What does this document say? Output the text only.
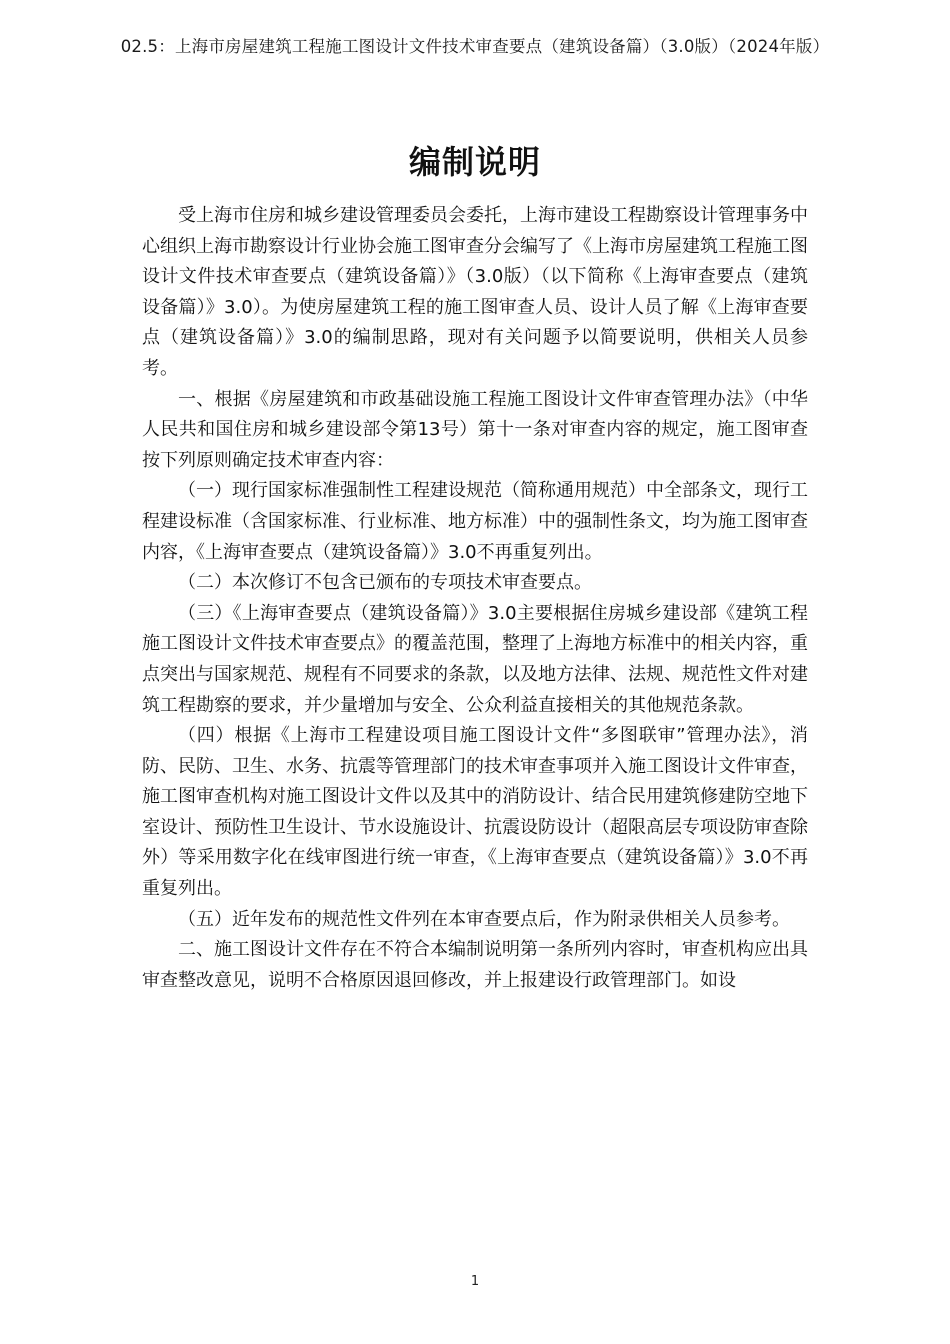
02.5：上海市房屋建筑工程施工图设计文件技术审查要点（建筑设备篇）（3.0版）（2024年版）
编制说明

受上海市住房和城乡建设管理委员会委托，上海市建设工程勘察设计管理事务中心组织上海市勘察设计行业协会施工图审查分会编写了《上海市房屋建筑工程施工图设计文件技术审查要点（建筑设备篇）》（3.0版）（以下简称《上海审查要点（建筑设备篇）》3.0）。为使房屋建筑工程的施工图审查人员、设计人员了解《上海审查要点（建筑设备篇）》3.0的编制思路，现对有关问题予以简要说明，供相关人员参考。

一、根据《房屋建筑和市政基础设施工程施工图设计文件审查管理办法》（中华人民共和国住房和城乡建设部令第13号）第十一条对审查内容的规定，施工图审查按下列原则确定技术审查内容：

（一）现行国家标准强制性工程建设规范（简称通用规范）中全部条文，现行工程建设标准（含国家标准、行业标准、地方标准）中的强制性条文，均为施工图审查内容，《上海审查要点（建筑设备篇）》3.0不再重复列出。

（二）本次修订不包含已颁布的专项技术审查要点。

（三）《上海审查要点（建筑设备篇）》3.0主要根据住房城乡建设部《建筑工程施工图设计文件技术审查要点》的覆盖范围，整理了上海地方标准中的相关内容，重点突出与国家规范、规程有不同要求的条款，以及地方法律、法规、规范性文件对建筑工程勘察的要求，并少量增加与安全、公众利益直接相关的其他规范条款。

（四）根据《上海市工程建设项目施工图设计文件“多图联审”管理办法》，消防、民防、卫生、水务、抗震等管理部门的技术审查事项并入施工图设计文件审查，施工图审查机构对施工图设计文件以及其中的消防设计、结合民用建筑修建防空地下室设计、预防性卫生设计、节水设施设计、抗震设防设计（超限高层专项设防审查除外）等采用数字化在线审图进行统一审查，《上海审查要点（建筑设备篇）》3.0不再重复列出。

（五）近年发布的规范性文件列在本审查要点后，作为附录供相关人员参考。

二、施工图设计文件存在不符合本编制说明第一条所列内容时，审查机构应出具审查整改意见，说明不合格原因退回修改，并上报建设行政管理部门。如设

1
